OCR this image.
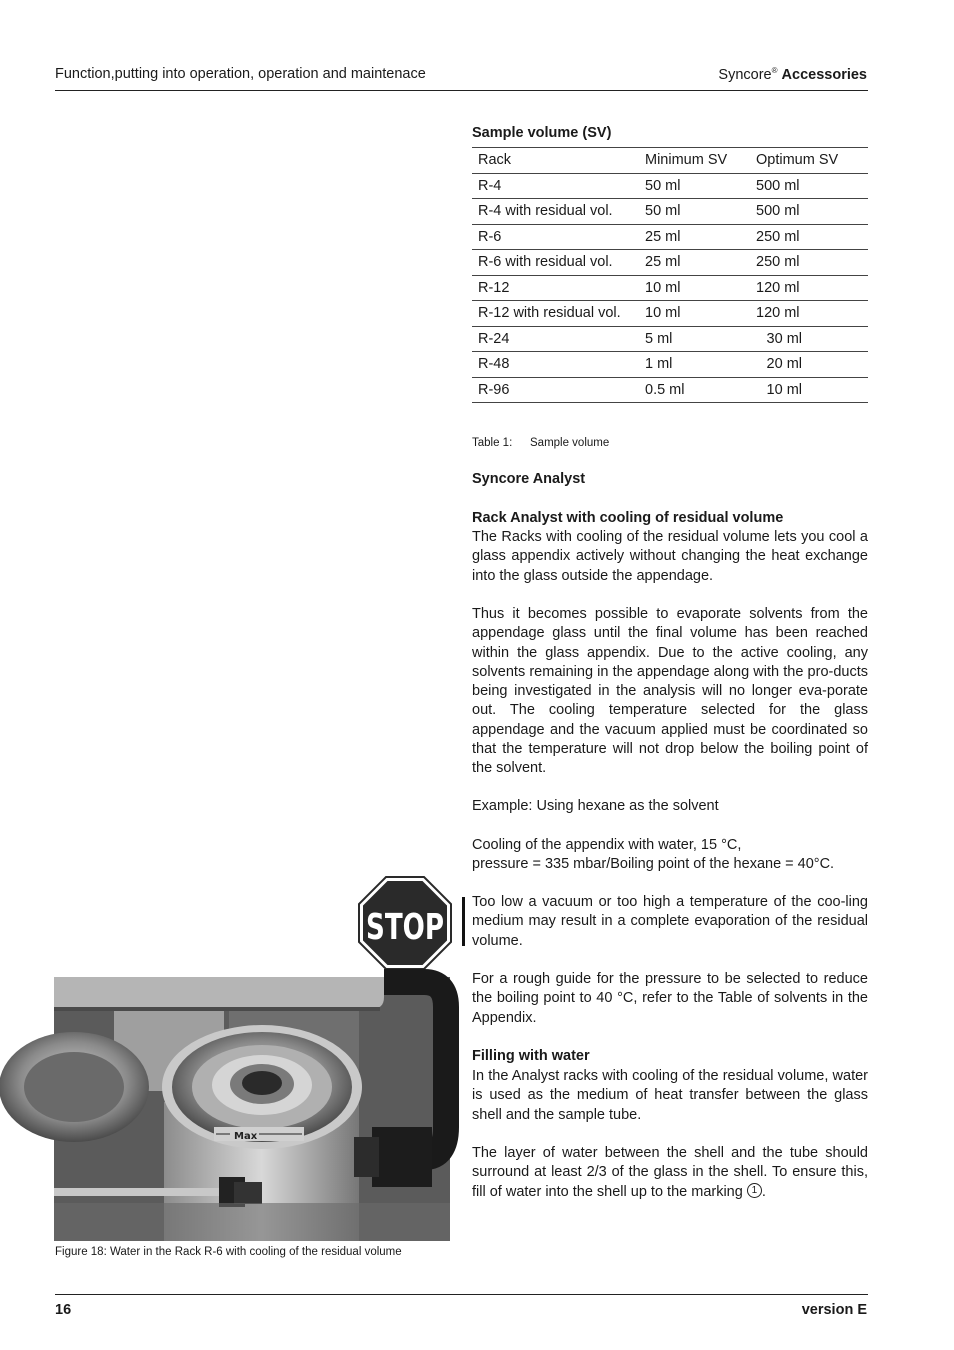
Function,putting into operation, operation and maintenace	Syncore® Accessories
Sample volume (SV)
Rack	Minimum SV	Optimum SV
R-4	50 ml	500 ml
R-4 with residual vol.	50 ml	500 ml
R-6	25 ml	250 ml
R-6 with residual vol.	25 ml	250 ml
R-12	10 ml	120 ml
R-12 with residual vol.	10 ml	120 ml
R-24	5 ml	30 ml
R-48	1 ml	20 ml
R-96	0.5 ml	10 ml
Table 1: Sample volume
Syncore Analyst
Rack Analyst with cooling of residual volume

The Racks with cooling of the residual volume lets you cool a glass appendix actively without changing the heat exchange into the glass outside the appendage.

Thus it becomes possible to evaporate solvents from the appendage glass until the final volume has been reached within the glass appendix. Due to the active cooling, any solvents remaining in the appendage along with the pro-ducts being investigated in the analysis will no longer eva-porate out. The cooling temperature selected for the glass appendage and the vacuum applied must be coordinated so that the temperature will not drop below the boiling point of the solvent.

Example: Using hexane as the solvent
Cooling of the appendix with water, 15 °C,
pressure = 335 mbar/Boiling point of the hexane = 40°C.
STOP

Too low a vacuum or too high a temperature of the coo-ling medium may result in a complete evaporation of the residual volume.

For a rough guide for the pressure to be selected to reduce the boiling point to 40 °C, refer to the Table of solvents in the Appendix.

Filling with water

In the Analyst racks with cooling of the residual volume, water is used as the medium of heat transfer between the glass shell and the sample tube.

The layer of water between the shell and the tube should surround at least 2/3 of the glass in the shell. To ensure this, fill of water into the shell up to the marking 1 .

Max
Figure 18: Water in the Rack R-6 with cooling of the residual volume
16	version E
